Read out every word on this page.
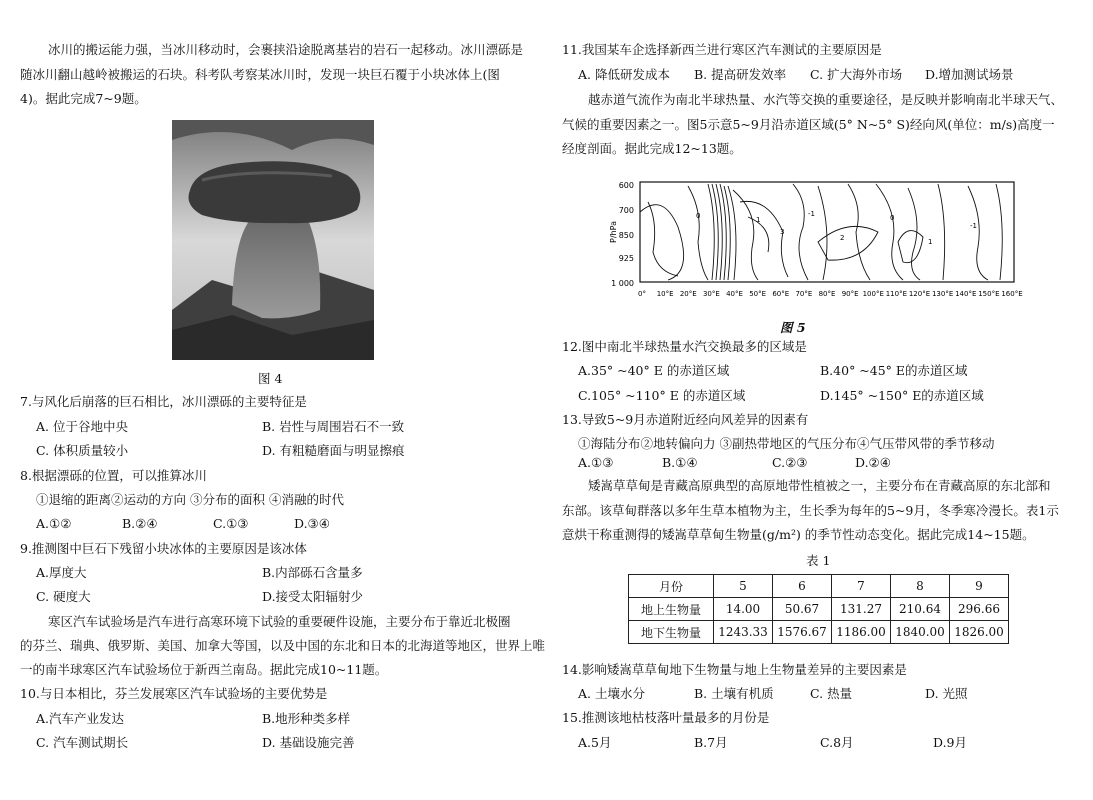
冰川的搬运能力强，当冰川移动时，会裹挟沿途脱离基岩的岩石一起移动。冰川漂砾是
随冰川翻山越岭被搬运的石块。科考队考察某冰川时，发现一块巨石覆于小块冰体上(图
4)。据此完成7~9题。
图 4
7.与风化后崩落的巨石相比，冰川漂砾的主要特征是
A. 位于谷地中央	B. 岩性与周围岩石不一致
C. 体积质量较小	D. 有粗糙磨面与明显擦痕
8.根据漂砾的位置，可以推算冰川
①退缩的距离②运动的方向 ③分布的面积 ④消融的时代
A.①②	B.②④	C.①③	D.③④
9.推测图中巨石下残留小块冰体的主要原因是该冰体
A.厚度大	B.内部砾石含量多
C. 硬度大	D.接受太阳辐射少
寒区汽车试验场是汽车进行高寒环境下试验的重要硬件设施，主要分布于靠近北极圈
的芬兰、瑞典、俄罗斯、美国、加拿大等国，以及中国的东北和日本的北海道等地区，世界上唯
一的南半球寒区汽车试验场位于新西兰南岛。据此完成10~11题。
10.与日本相比，芬兰发展寒区汽车试验场的主要优势是
A.汽车产业发达	B.地形种类多样
C. 汽车测试期长	D. 基础设施完善
11.我国某车企选择新西兰进行寒区汽车测试的主要原因是
A. 降低研发成本 B. 提高研发效率 C. 扩大海外市场 D.增加测试场景
越赤道气流作为南北半球热量、水汽等交换的重要途径，是反映并影响南北半球天气、
气候的重要因素之一。图5示意5~9月沿赤道区域(5° N~5° S)经向风(单位：m/s)高度一
经度剖面。据此完成12~13题。
P/hPa
600
700
850
925
1 000
0	1
3
-1
2
0
1
-1
0° 10°E 20°E 30°E 40°E 50°E 60°E 70°E 80°E 90°E 100°E 110°E 120°E 130°E 140°E 150°E 160°E
图 5
12.图中南北半球热量水汽交换最多的区域是
A.35° ~40° E 的赤道区域	B.40° ~45° E的赤道区域
C.105° ~110° E 的赤道区域	D.145° ~150° E的赤道区域
13.导致5~9月赤道附近经向风差异的因素有
①海陆分布②地转偏向力 ③副热带地区的气压分布④气压带风带的季节移动
A.①③	B.①④	C.②③	D.②④
矮嵩草草甸是青藏高原典型的高原地带性植被之一，主要分布在青藏高原的东北部和
东部。该草甸群落以多年生草本植物为主，生长季为每年的5~9月，冬季寒冷漫长。表1示
意烘干称重测得的矮嵩草草甸生物量(g/m²) 的季节性动态变化。据此完成14~15题。
表 1
月份	5	6	7	8	9
地上生物量	14.00	50.67	131.27	210.64	296.66
地下生物量	1243.33	1576.67	1186.00	1840.00	1826.00
14.影响矮嵩草草甸地下生物量与地上生物量差异的主要因素是
A. 土壤水分	B. 土壤有机质	C. 热量	D. 光照
15.推测该地枯枝落叶量最多的月份是
A.5月	B.7月	C.8月	D.9月
